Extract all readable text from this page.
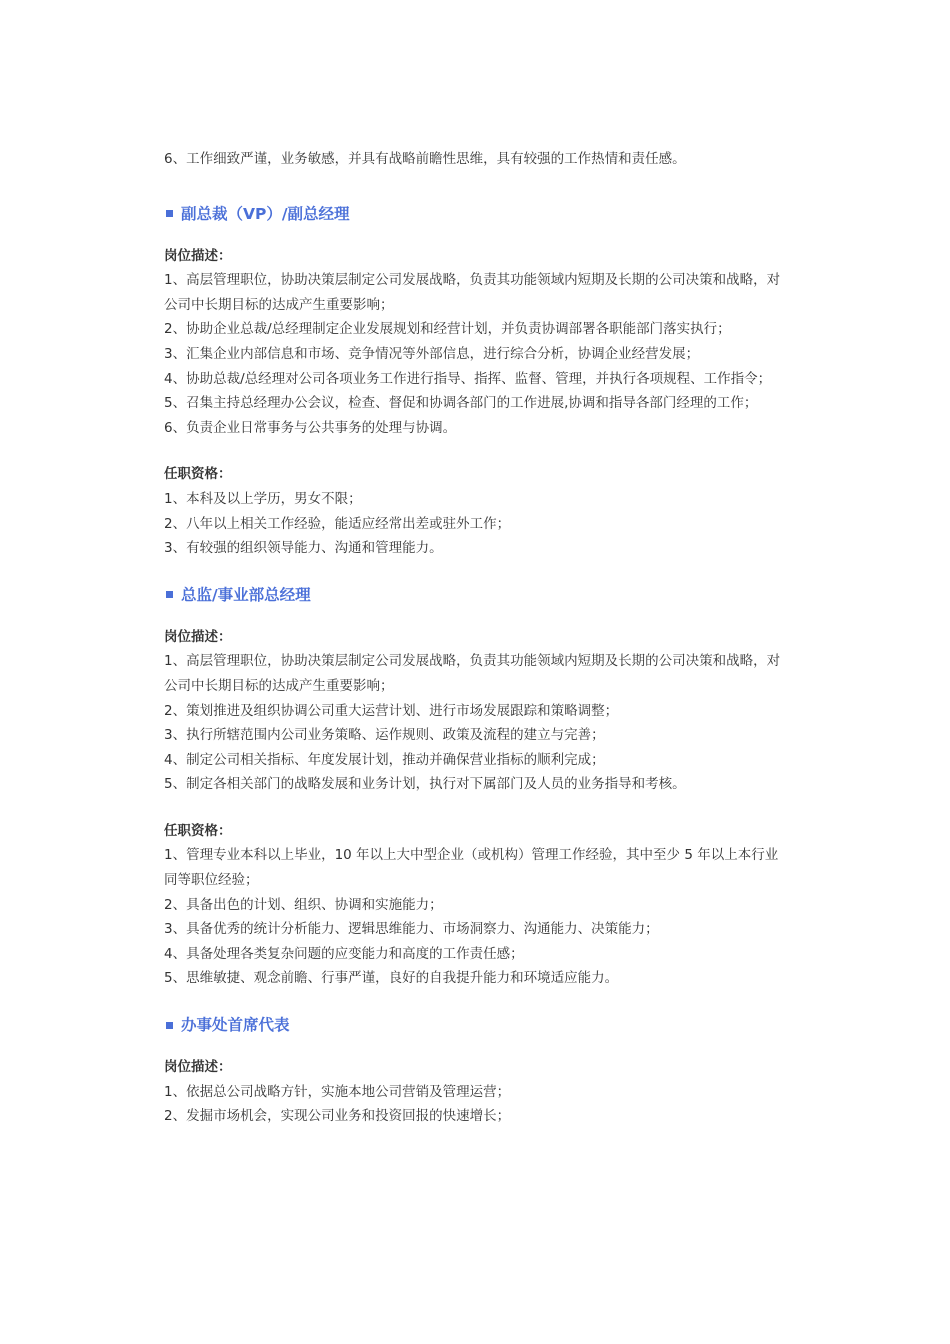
6、工作细致严谨，业务敏感，并具有战略前瞻性思维，具有较强的工作热情和责任感。

副总裁（VP）/副总经理

岗位描述：

1、高层管理职位，协助决策层制定公司发展战略，负责其功能领域内短期及长期的公司决策和战略，对公司中长期目标的达成产生重要影响；

2、协助企业总裁/总经理制定企业发展规划和经营计划，并负责协调部署各职能部门落实执行；

3、汇集企业内部信息和市场、竞争情况等外部信息，进行综合分析，协调企业经营发展；

4、协助总裁/总经理对公司各项业务工作进行指导、指挥、监督、管理，并执行各项规程、工作指令；

5、召集主持总经理办公会议，检查、督促和协调各部门的工作进展,协调和指导各部门经理的工作；

6、负责企业日常事务与公共事务的处理与协调。

任职资格：

1、本科及以上学历，男女不限；

2、八年以上相关工作经验，能适应经常出差或驻外工作；

3、有较强的组织领导能力、沟通和管理能力。

总监/事业部总经理

岗位描述：

1、高层管理职位，协助决策层制定公司发展战略，负责其功能领域内短期及长期的公司决策和战略，对公司中长期目标的达成产生重要影响；

2、策划推进及组织协调公司重大运营计划、进行市场发展跟踪和策略调整；

3、执行所辖范围内公司业务策略、运作规则、政策及流程的建立与完善；

4、制定公司相关指标、年度发展计划，推动并确保营业指标的顺利完成；

5、制定各相关部门的战略发展和业务计划，执行对下属部门及人员的业务指导和考核。

任职资格：

1、管理专业本科以上毕业，10 年以上大中型企业（或机构）管理工作经验，其中至少 5 年以上本行业同等职位经验；

2、具备出色的计划、组织、协调和实施能力；

3、具备优秀的统计分析能力、逻辑思维能力、市场洞察力、沟通能力、决策能力；

4、具备处理各类复杂问题的应变能力和高度的工作责任感；

5、思维敏捷、观念前瞻、行事严谨，良好的自我提升能力和环境适应能力。

办事处首席代表

岗位描述：

1、依据总公司战略方针，实施本地公司营销及管理运营；

2、发掘市场机会，实现公司业务和投资回报的快速增长；
